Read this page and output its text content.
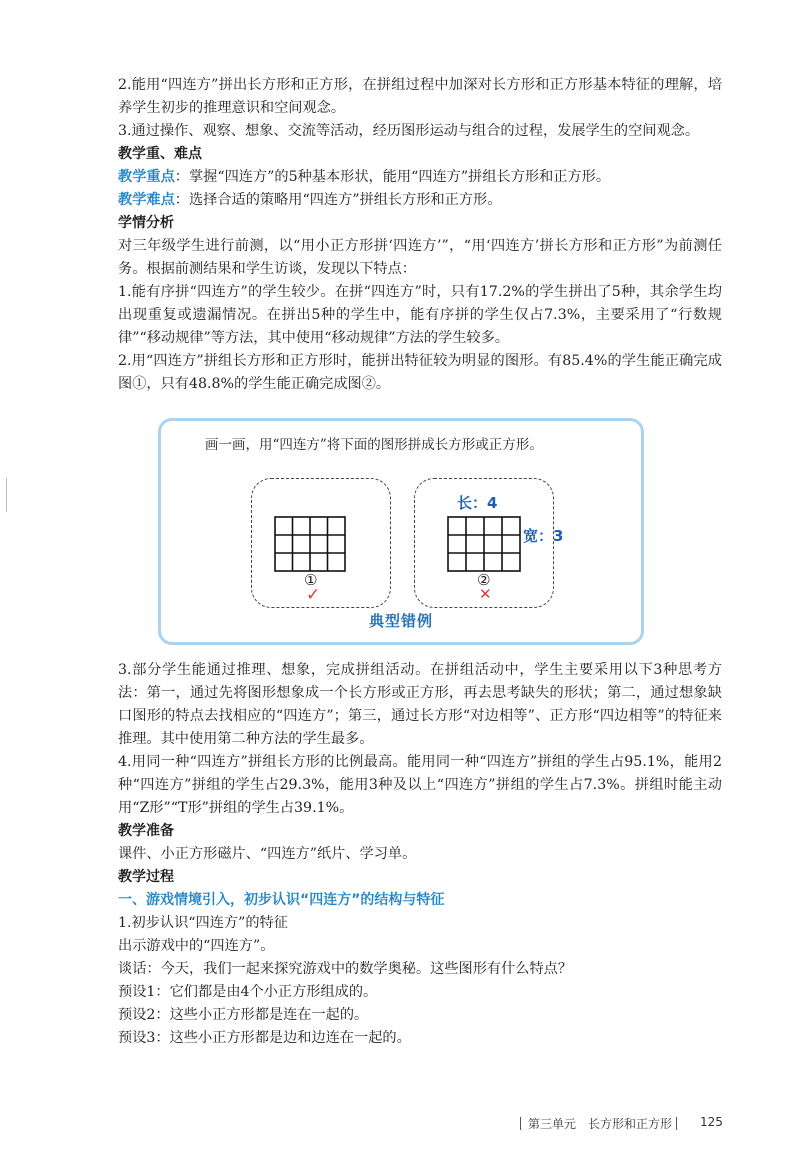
2.能用“四连方”拼出长方形和正方形，在拼组过程中加深对长方形和正方形基本特征的理解，培养学生初步的推理意识和空间观念。

3.通过操作、观察、想象、交流等活动，经历图形运动与组合的过程，发展学生的空间观念。

教学重、难点

教学重点：掌握“四连方”的5种基本形状，能用“四连方”拼组长方形和正方形。

教学难点：选择合适的策略用“四连方”拼组长方形和正方形。

学情分析

对三年级学生进行前测，以“用小正方形拼‘四连方’”，“用‘四连方’拼长方形和正方形”为前测任务。根据前测结果和学生访谈，发现以下特点：

1.能有序拼“四连方”的学生较少。在拼“四连方”时，只有17.2%的学生拼出了5种，其余学生均出现重复或遗漏情况。在拼出5种的学生中，能有序拼的学生仅占7.3%，主要采用了“行数规律”“移动规律”等方法，其中使用“移动规律”方法的学生较多。

2.用“四连方”拼组长方形和正方形时，能拼出特征较为明显的图形。有85.4%的学生能正确完成图①，只有48.8%的学生能正确完成图②。

画一画，用“四连方”将下面的图形拼成长方形或正方形。
①
✓
长：4
宽：3
②
✕
典型错例

3.部分学生能通过推理、想象，完成拼组活动。在拼组活动中，学生主要采用以下3种思考方法：第一，通过先将图形想象成一个长方形或正方形，再去思考缺失的形状；第二，通过想象缺口图形的特点去找相应的“四连方”；第三，通过长方形“对边相等”、正方形“四边相等”的特征来推理。其中使用第二种方法的学生最多。

4.用同一种“四连方”拼组长方形的比例最高。能用同一种“四连方”拼组的学生占95.1%，能用2种“四连方”拼组的学生占29.3%，能用3种及以上“四连方”拼组的学生占7.3%。拼组时能主动用“Z形”“T形”拼组的学生占39.1%。

教学准备

课件、小正方形磁片、“四连方”纸片、学习单。

教学过程

一、游戏情境引入，初步认识“四连方”的结构与特征

1.初步认识“四连方”的特征

出示游戏中的“四连方”。

谈话：今天，我们一起来探究游戏中的数学奥秘。这些图形有什么特点？

预设1：它们都是由4个小正方形组成的。

预设2：这些小正方形都是连在一起的。

预设3：这些小正方形都是边和边连在一起的。

第三单元　长方形和正方形 125
